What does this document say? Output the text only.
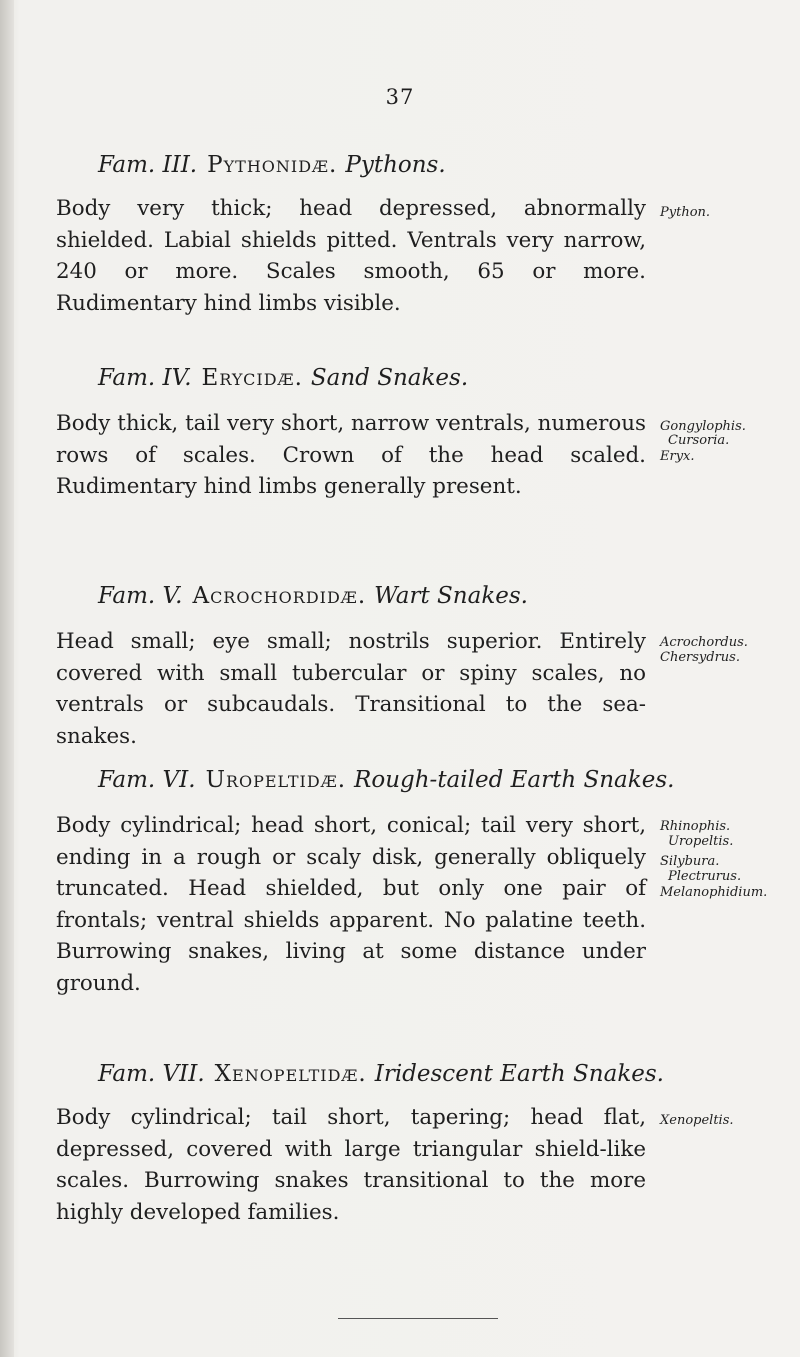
37
Fam. III. Pythonidæ. Pythons.
Body very thick; head depressed, abnormally shielded. Labial shields pitted. Ventrals very narrow, 240 or more. Scales smooth, 65 or more. Rudimentary hind limbs visible.
Python.
Fam. IV. Erycidæ. Sand Snakes.
Body thick, tail very short, narrow ventrals, numerous rows of scales. Crown of the head scaled. Rudimentary hind limbs generally present.
Gongylophis.
Cursoria.
Eryx.
Fam. V. Acrochordidæ. Wart Snakes.
Head small; eye small; nostrils superior. Entirely covered with small tubercular or spiny scales, no ventrals or subcaudals. Transitional to the sea-snakes.
Acrochordus.
Chersydrus.
Fam. VI. Uropeltidæ. Rough-tailed Earth Snakes.
Body cylindrical; head short, conical; tail very short, ending in a rough or scaly disk, generally obliquely truncated. Head shielded, but only one pair of frontals; ventral shields apparent. No palatine teeth. Burrowing snakes, living at some distance under ground.
Rhinophis.
Uropeltis.
Silybura.
Plectrurus.
Melanophidium.
Fam. VII. Xenopeltidæ. Iridescent Earth Snakes.
Body cylindrical; tail short, tapering; head flat, depressed, covered with large triangular shield-like scales. Burrowing snakes transitional to the more highly developed families.
Xenopeltis.
